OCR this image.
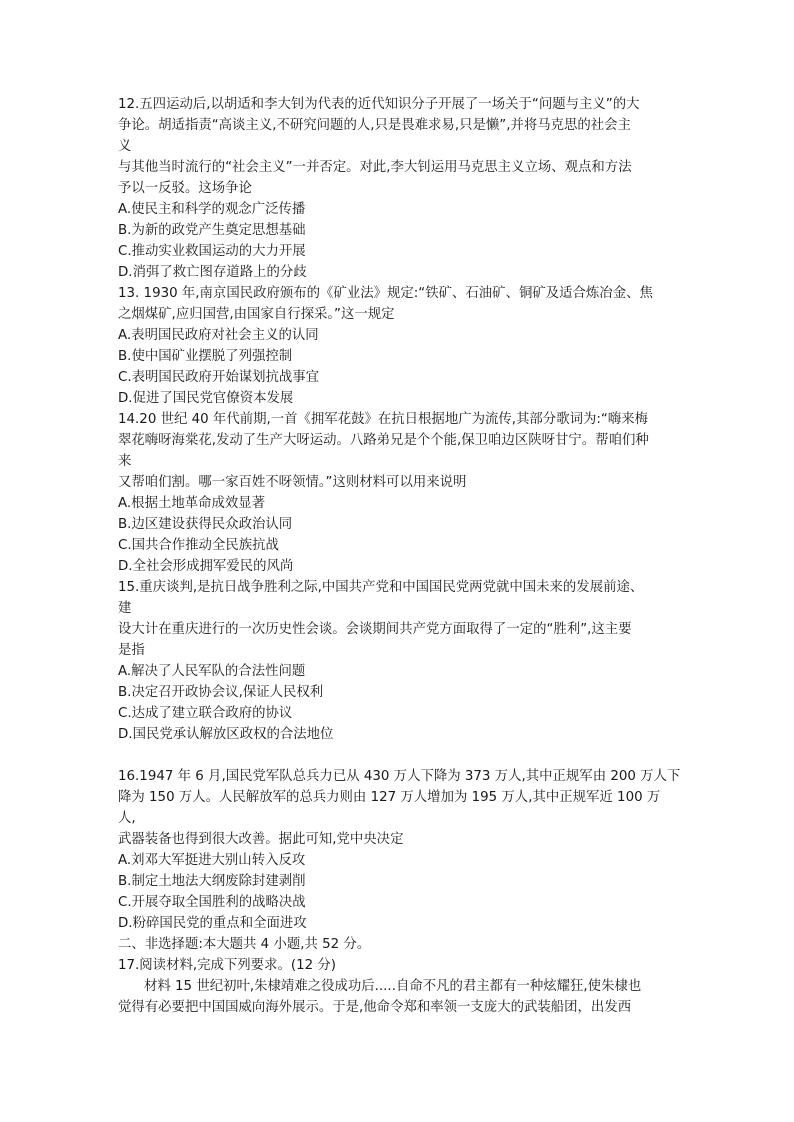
12.五四运动后,以胡适和李大钊为代表的近代知识分子开展了一场关于“问题与主义”的大
争论。胡适指责“高谈主义,不研究问题的人,只是畏难求易,只是懒”,并将马克思的社会主
义
与其他当时流行的“社会主义”一并否定。对此,李大钊运用马克思主义立场、观点和方法
予以一反驳。这场争论
A.使民主和科学的观念广泛传播
B.为新的政党产生奠定思想基础
C.推动实业救国运动的大力开展
D.消弭了救亡图存道路上的分歧
13. 1930 年,南京国民政府颁布的《矿业法》规定:“铁矿、石油矿、铜矿及适合炼冶金、焦
之烟煤矿,应归国营,由国家自行探采。”这一规定
A.表明国民政府对社会主义的认同
B.使中国矿业摆脱了列强控制
C.表明国民政府开始谋划抗战事宜
D.促进了国民党官僚资本发展
14.20 世纪 40 年代前期,一首《拥军花鼓》在抗日根据地广为流传,其部分歌词为:“嗨来梅
翠花嗨呀海棠花,发动了生产大呀运动。八路弟兄是个个能,保卫咱边区陕呀甘宁。帮咱们种
来
又帮咱们割。哪一家百姓不呀领情。”这则材料可以用来说明
A.根据土地革命成效显著
B.边区建设获得民众政治认同
C.国共合作推动全民族抗战
D.全社会形成拥军爱民的风尚
15.重庆谈判,是抗日战争胜利之际,中国共产党和中国国民党两党就中国未来的发展前途、
建
设大计在重庆进行的一次历史性会谈。会谈期间共产党方面取得了一定的“胜利”,这主要
是指
A.解决了人民军队的合法性问题
B.决定召开政协会议,保证人民权利
C.达成了建立联合政府的协议
D.国民党承认解放区政权的合法地位
16.1947 年 6 月,国民党军队总兵力已从 430 万人下降为 373 万人,其中正规军由 200 万人下
降为 150 万人。人民解放军的总兵力则由 127 万人增加为 195 万人,其中正规军近 100 万
人,
武器装备也得到很大改善。据此可知,党中央决定
A.刘邓大军挺进大别山转入反攻
B.制定土地法大纲废除封建剥削
C.开展夺取全国胜利的战略决战
D.粉碎国民党的重点和全面进攻
二、非选择题:本大题共 4 小题,共 52 分。
17.阅读材料,完成下列要求。(12 分)
材料 15 世纪初叶,朱棣靖难之役成功后.....自命不凡的君主都有一种炫耀狂,使朱棣也
觉得有必要把中国国威向海外展示。于是,他命令郑和率领一支庞大的武装船团，出发西
